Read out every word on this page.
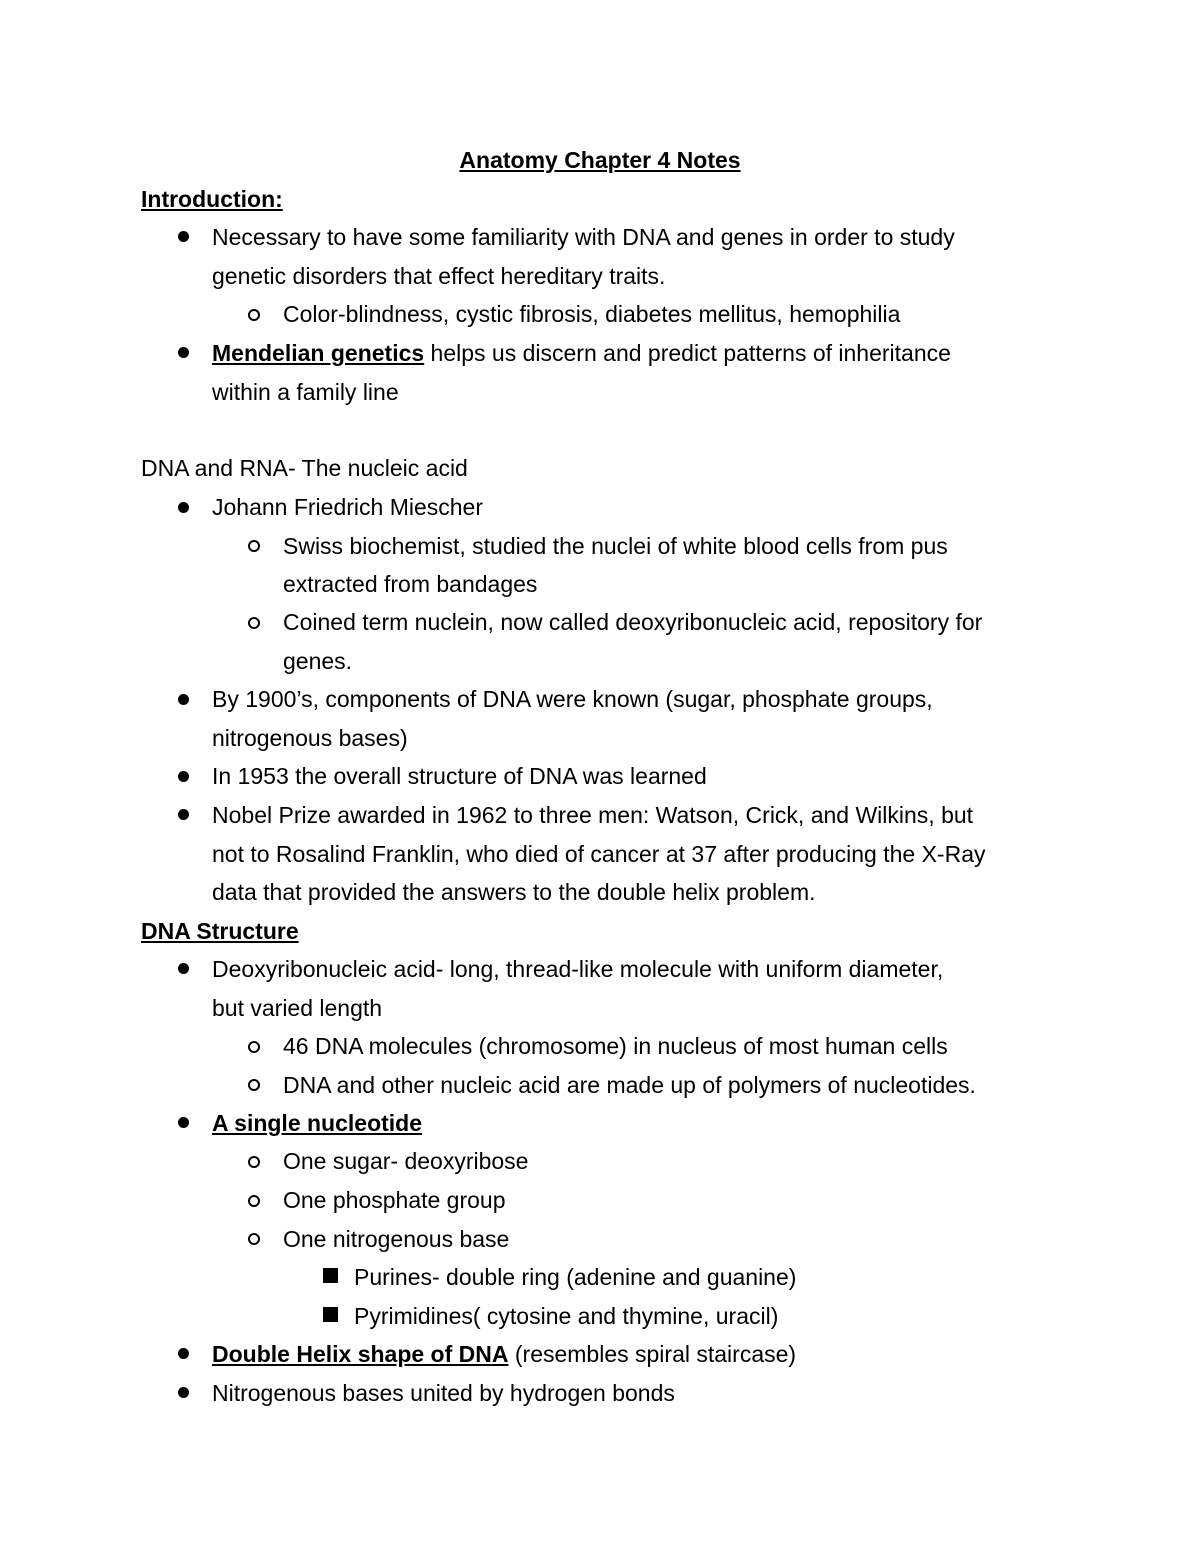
Anatomy Chapter 4 Notes
Introduction:
Necessary to have some familiarity with DNA and genes in order to study
genetic disorders that effect hereditary traits.
Color-blindness, cystic fibrosis, diabetes mellitus, hemophilia
Mendelian genetics helps us discern and predict patterns of inheritance
within a family line
DNA and RNA- The nucleic acid
Johann Friedrich Miescher
Swiss biochemist, studied the nuclei of white blood cells from pus
extracted from bandages
Coined term nuclein, now called deoxyribonucleic acid, repository for
genes.
By 1900’s, components of DNA were known (sugar, phosphate groups,
nitrogenous bases)
In 1953 the overall structure of DNA was learned
Nobel Prize awarded in 1962 to three men: Watson, Crick, and Wilkins, but
not to Rosalind Franklin, who died of cancer at 37 after producing the X-Ray
data that provided the answers to the double helix problem.
DNA Structure
Deoxyribonucleic acid- long, thread-like molecule with uniform diameter,
but varied length
46 DNA molecules (chromosome) in nucleus of most human cells
DNA and other nucleic acid are made up of polymers of nucleotides.
A single nucleotide
One sugar- deoxyribose
One phosphate group
One nitrogenous base
Purines- double ring (adenine and guanine)
Pyrimidines( cytosine and thymine, uracil)
Double Helix shape of DNA (resembles spiral staircase)
Nitrogenous bases united by hydrogen bonds
